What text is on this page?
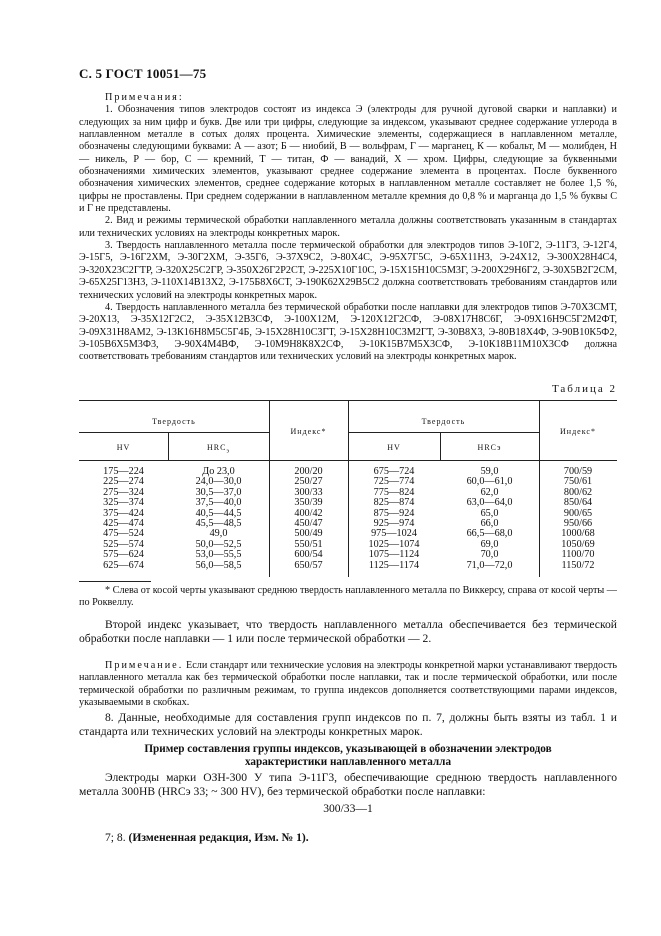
С. 5 ГОСТ 10051—75

Примечания:

1. Обозначения типов электродов состоят из индекса Э (электроды для ручной дуговой сварки и наплавки) и следующих за ним цифр и букв. Две или три цифры, следующие за индексом, указывают среднее содержание углерода в наплавленном металле в сотых долях процента. Химические элементы, содержащиеся в наплавленном металле, обозначены следующими буквами: А — азот; Б — ниобий, В — вольфрам, Г — марганец, К — кобальт, М — молибден, Н — никель, Р — бор, С — кремний, Т — титан, Ф — ванадий, Х — хром. Цифры, следующие за буквенными обозначениями химических элементов, указывают среднее содержание элемента в процентах. После буквенного обозначения химических элементов, среднее содержание которых в наплавленном металле составляет не более 1,5 %, цифры не проставлены. При среднем содержании в наплавленном металле кремния до 0,8 % и марганца до 1,5 % буквы С и Г не представлены.

2. Вид и режимы термической обработки наплавленного металла должны соответствовать указанным в стандартах или технических условиях на электроды конкретных марок.

3. Твердость наплавленного металла после термической обработки для электродов типов Э-10Г2, Э-11Г3, Э-12Г4, Э-15Г5, Э-16Г2ХМ, Э-30Г2ХМ, Э-35Г6, Э-37Х9С2, Э-80Х4С, Э-95Х7Г5С, Э-65Х11Н3, Э-24Х12, Э-300Х28Н4С4, Э-320Х23С2ГТР, Э-320Х25С2ГР, Э-350Х26Г2Р2СТ, Э-225Х10Г10С, Э-15Х15Н10С5М3Г, Э-200Х29Н6Г2, Э-30Х5В2Г2СМ, Э-65Х25Г13Н3, Э-110Х14В13Х2, Э-175Б8Х6СТ, Э-190К62Х29В5С2 должна соответствовать требованиям стандартов или технических условий на электроды конкретных марок.

4. Твердость наплавленного металла без термической обработки после наплавки для электродов типов Э-70Х3СМТ, Э-20Х13, Э-35Х12Г2С2, Э-35Х12В3СФ, Э-100Х12М, Э-120Х12Г2СФ, Э-08Х17Н8С6Г, Э-09Х16Н9С5Г2М2ФТ, Э-09Х31Н8АМ2, Э-13К16Н8М5С5Г4Б, Э-15Х28Н10С3ГТ, Э-15Х28Н10С3М2ГТ, Э-30В8Х3, Э-80В18Х4Ф, Э-90В10К5Ф2, Э-105В6Х5М3Ф3, Э-90Х4М4ВФ, Э-10М9Н8К8Х2СФ, Э-10К15В7М5Х3СФ, Э-10К18В11М10Х3СФ должна соответствовать требованиям стандартов или технических условий на электроды конкретных марок.

Таблица 2
Твердость
HV	$HRC_э$
Индекс*
Твердость
HV	HRCэ
Индекс*
175—224
225—274
275—324
325—374
375—424
425—474
475—524
525—574
575—624
625—674
До 23,0
24,0—30,0
30,5—37,0
37,5—40,0
40,5—44,5
45,5—48,5
49,0
50,0—52,5
53,0—55,5
56,0—58,5
200/20
250/27
300/33
350/39
400/42
450/47
500/49
550/51
600/54
650/57
675—724
725—774
775—824
825—874
875—924
925—974
975—1024
1025—1074
1075—1124
1125—1174
59,0
60,0—61,0
62,0
63,0—64,0
65,0
66,0
66,5—68,0
69,0
70,0
71,0—72,0
700/59
750/61
800/62
850/64
900/65
950/66
1000/68
1050/69
1100/70
1150/72

* Слева от косой черты указывают среднюю твердость наплавленного металла по Виккерсу, справа от косой черты — по Роквеллу.

Второй индекс указывает, что твердость наплавленного металла обеспечивается без термической обработки после наплавки — 1 или после термической обработки — 2.

Примечание. Если стандарт или технические условия на электроды конкретной марки устанавливают твердость наплавленного металла как без термической обработки после наплавки, так и после термической обработки, или после термической обработки по различным режимам, то группа индексов дополняется соответствующими парами индексов, указываемыми в скобках.

8. Данные, необходимые для составления групп индексов по п. 7, должны быть взяты из табл. 1 и стандарта или технических условий на электроды конкретных марок.

Пример составления группы индексов, указывающей в обозначении электродов
характеристики наплавленного металла

Электроды марки ОЗН-300 У типа Э-11Г3, обеспечивающие среднюю твердость наплавленного металла 300HB (HRCэ 33; ~ 300 HV), без термической обработки после наплавки:

300/33—1
7; 8. (Измененная редакция, Изм. № 1).
